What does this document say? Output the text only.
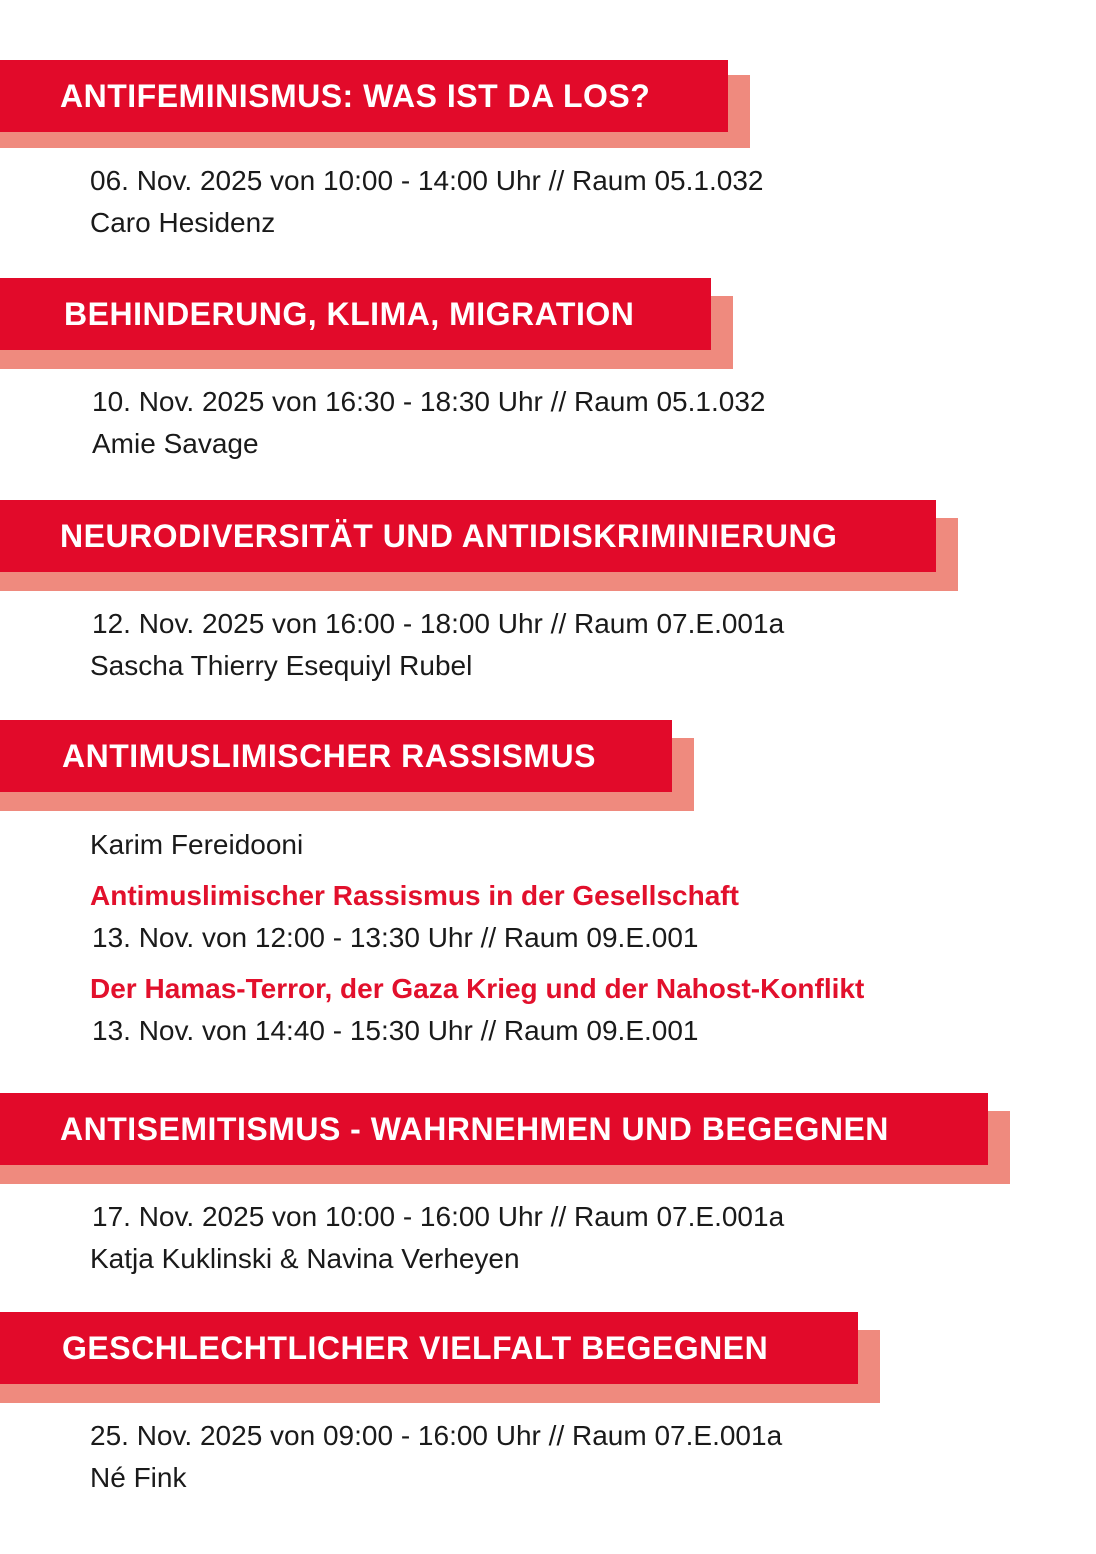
ANTIFEMINISMUS: WAS IST DA LOS?
06. Nov. 2025 von 10:00 - 14:00 Uhr // Raum 05.1.032
Caro Hesidenz
BEHINDERUNG, KLIMA, MIGRATION
10. Nov. 2025 von 16:30 - 18:30 Uhr // Raum 05.1.032
Amie Savage
NEURODIVERSITÄT UND ANTIDISKRIMINIERUNG
12. Nov. 2025 von 16:00 - 18:00 Uhr // Raum 07.E.001a
Sascha Thierry Esequiyl Rubel
ANTIMUSLIMISCHER RASSISMUS
Karim Fereidooni
Antimuslimischer Rassismus in der Gesellschaft
13. Nov. von 12:00 - 13:30 Uhr // Raum 09.E.001
Der Hamas-Terror, der Gaza Krieg und der Nahost-Konflikt
13. Nov. von 14:40 - 15:30 Uhr // Raum 09.E.001
ANTISEMITISMUS - WAHRNEHMEN UND BEGEGNEN
17. Nov. 2025 von 10:00 - 16:00 Uhr // Raum 07.E.001a
Katja Kuklinski & Navina Verheyen
GESCHLECHTLICHER VIELFALT BEGEGNEN
25. Nov. 2025 von 09:00 - 16:00 Uhr // Raum 07.E.001a
Né Fink
